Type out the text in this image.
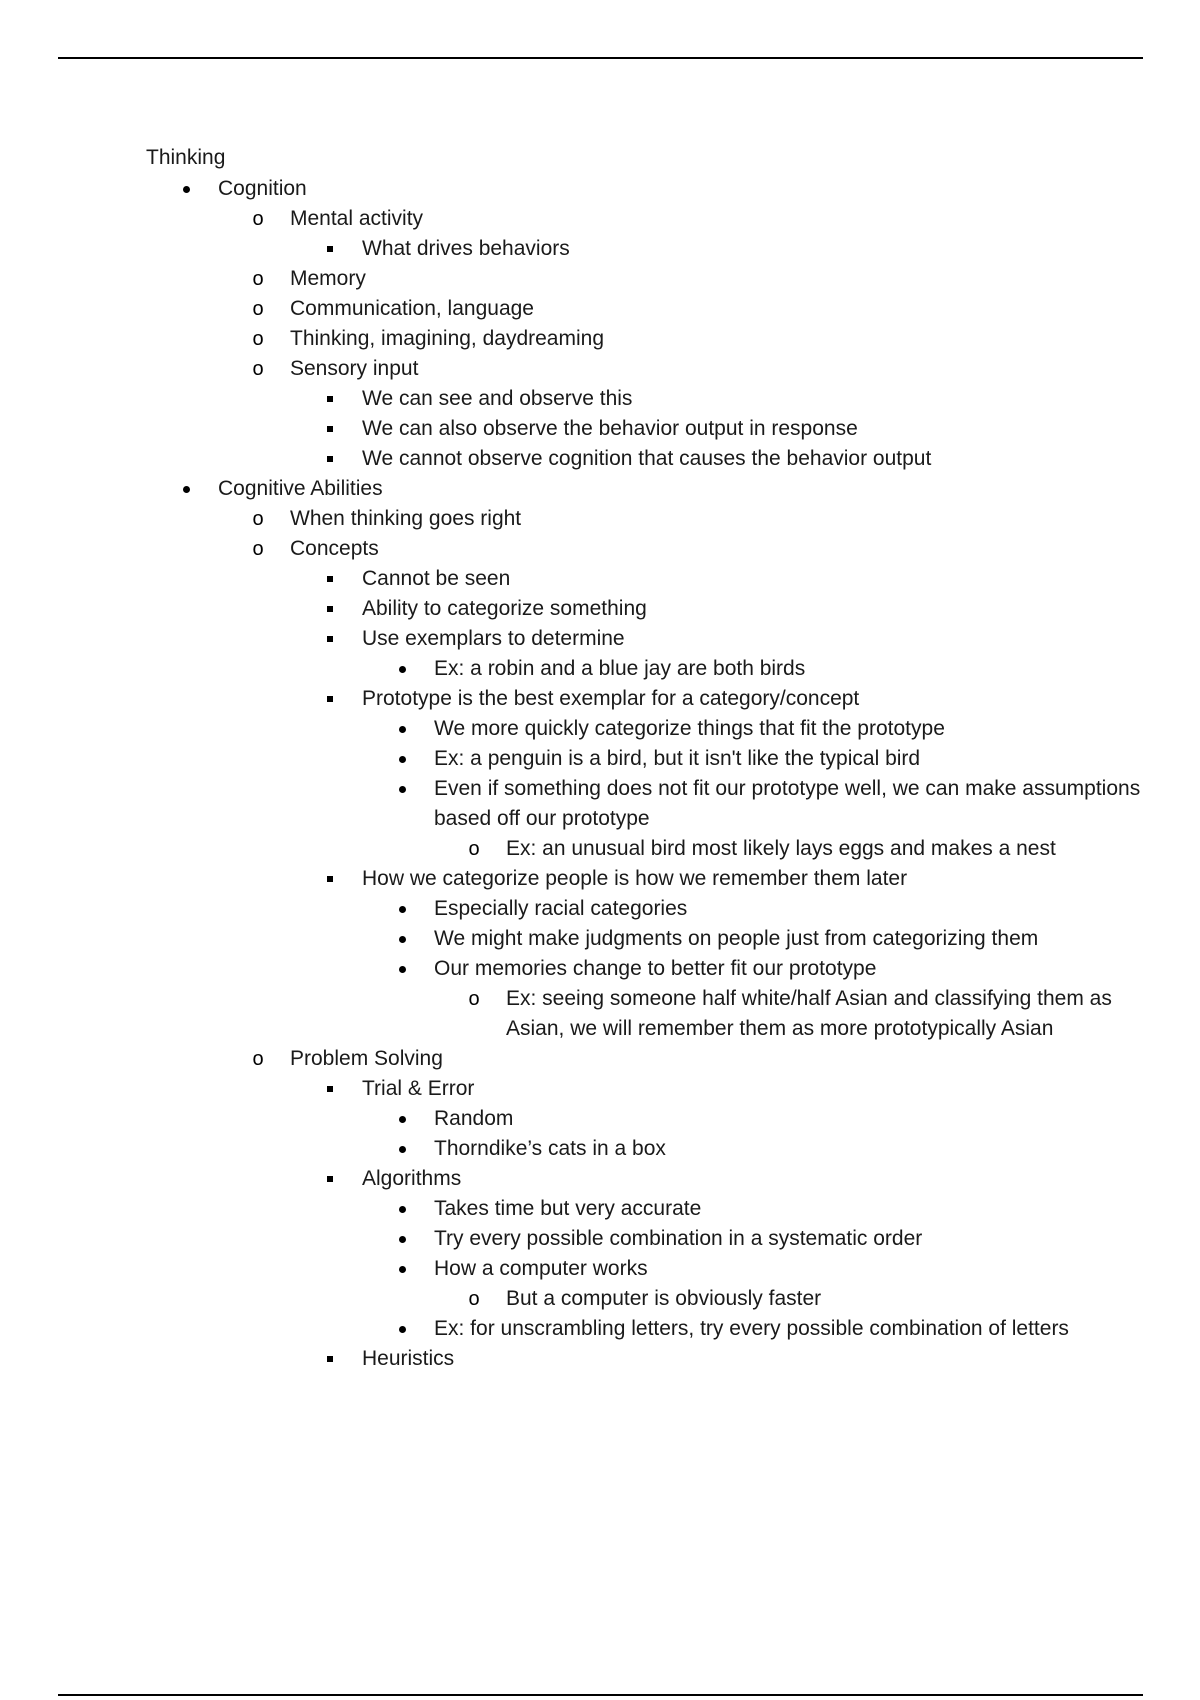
Thinking
Cognition
o Mental activity
What drives behaviors
o Memory
o Communication, language
o Thinking, imagining, daydreaming
o Sensory input
We can see and observe this
We can also observe the behavior output in response
We cannot observe cognition that causes the behavior output
Cognitive Abilities
o When thinking goes right
o Concepts
Cannot be seen
Ability to categorize something
Use exemplars to determine
Ex: a robin and a blue jay are both birds
Prototype is the best exemplar for a category/concept
We more quickly categorize things that fit the prototype
Ex: a penguin is a bird, but it isn't like the typical bird
Even if something does not fit our prototype well, we can make assumptions based off our prototype
o Ex: an unusual bird most likely lays eggs and makes a nest
How we categorize people is how we remember them later
Especially racial categories
We might make judgments on people just from categorizing them
Our memories change to better fit our prototype
o Ex: seeing someone half white/half Asian and classifying them as Asian, we will remember them as more prototypically Asian
o Problem Solving
Trial & Error
Random
Thorndike’s cats in a box
Algorithms
Takes time but very accurate
Try every possible combination in a systematic order
How a computer works
o But a computer is obviously faster
Ex: for unscrambling letters, try every possible combination of letters
Heuristics
